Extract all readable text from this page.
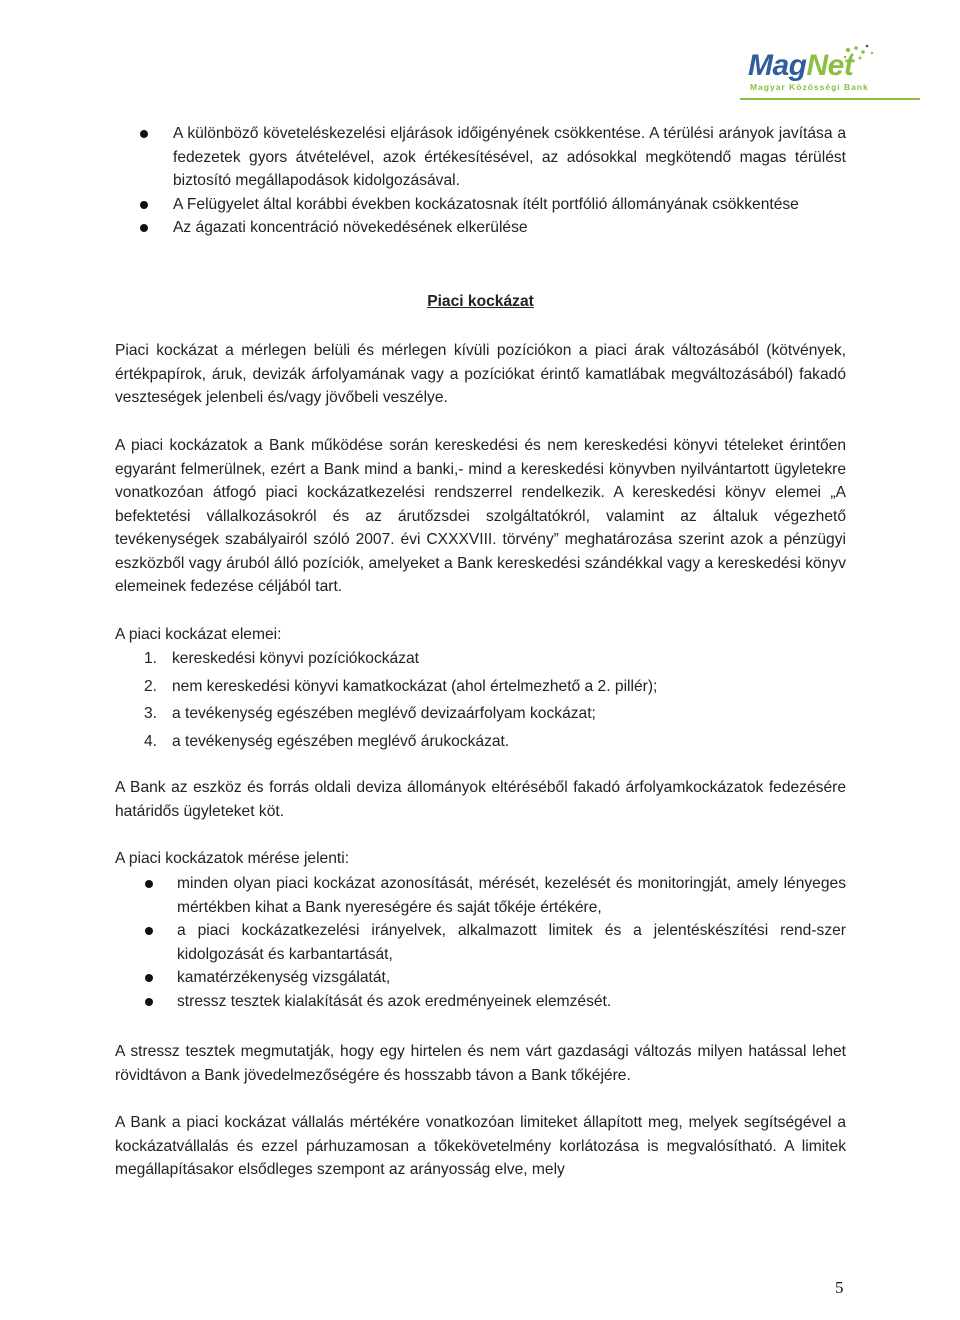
MagNet
Magyar Közösségi Bank
A különböző követeléskezelési eljárások időigényének csökkentése. A térülési arányok javítása a fedezetek gyors átvételével, azok értékesítésével, az adósokkal megkötendő magas térülést biztosító megállapodások kidolgozásával.
A Felügyelet által korábbi években kockázatosnak ítélt portfólió állományának csökkentése
Az ágazati koncentráció növekedésének elkerülése
Piaci kockázat
Piaci kockázat a mérlegen belüli és mérlegen kívüli pozíciókon a piaci árak változásából (kötvények, értékpapírok, áruk, devizák árfolyamának vagy a pozíciókat érintő kamatlábak megváltozásából) fakadó veszteségek jelenbeli és/vagy jövőbeli veszélye.
A piaci kockázatok a Bank működése során kereskedési és nem kereskedési könyvi tételeket érintően egyaránt felmerülnek, ezért a Bank mind a banki,- mind a kereskedési könyvben nyilvántartott ügyletekre vonatkozóan átfogó piaci kockázatkezelési rendszerrel rendelkezik. A kereskedési könyv elemei „A befektetési vállalkozásokról és az árutőzsdei szolgáltatókról, valamint az általuk végezhető tevékenységek szabályairól szóló 2007. évi CXXXVIII. törvény” meghatározása szerint azok a pénzügyi eszközből vagy áruból álló pozíciók, amelyeket a Bank kereskedési szándékkal vagy a kereskedési könyv elemeinek fedezése céljából tart.
A piaci kockázat elemei:
1. kereskedési könyvi pozíciókockázat
2. nem kereskedési könyvi kamatkockázat (ahol értelmezhető a 2. pillér);
3. a tevékenység egészében meglévő devizaárfolyam kockázat;
4. a tevékenység egészében meglévő árukockázat.
A Bank az eszköz és forrás oldali deviza állományok eltéréséből fakadó árfolyamkockázatok fedezésére határidős ügyleteket köt.
A piaci kockázatok mérése jelenti:
minden olyan piaci kockázat azonosítását, mérését, kezelését és monitoringját, amely lényeges mértékben kihat a Bank nyereségére és saját tőkéje értékére,
a piaci kockázatkezelési irányelvek, alkalmazott limitek és a jelentéskészítési rend-szer kidolgozását és karbantartását,
kamatérzékenység vizsgálatát,
stressz tesztek kialakítását és azok eredményeinek elemzését.
A stressz tesztek megmutatják, hogy egy hirtelen és nem várt gazdasági változás milyen hatással lehet rövidtávon a Bank jövedelmezőségére és hosszabb távon a Bank tőkéjére.
A Bank a piaci kockázat vállalás mértékére vonatkozóan limiteket állapított meg, melyek segítségével a kockázatvállalás és ezzel párhuzamosan a tőkekövetelmény korlátozása is megvalósítható. A limitek megállapításakor elsődleges szempont az arányosság elve, mely
5
